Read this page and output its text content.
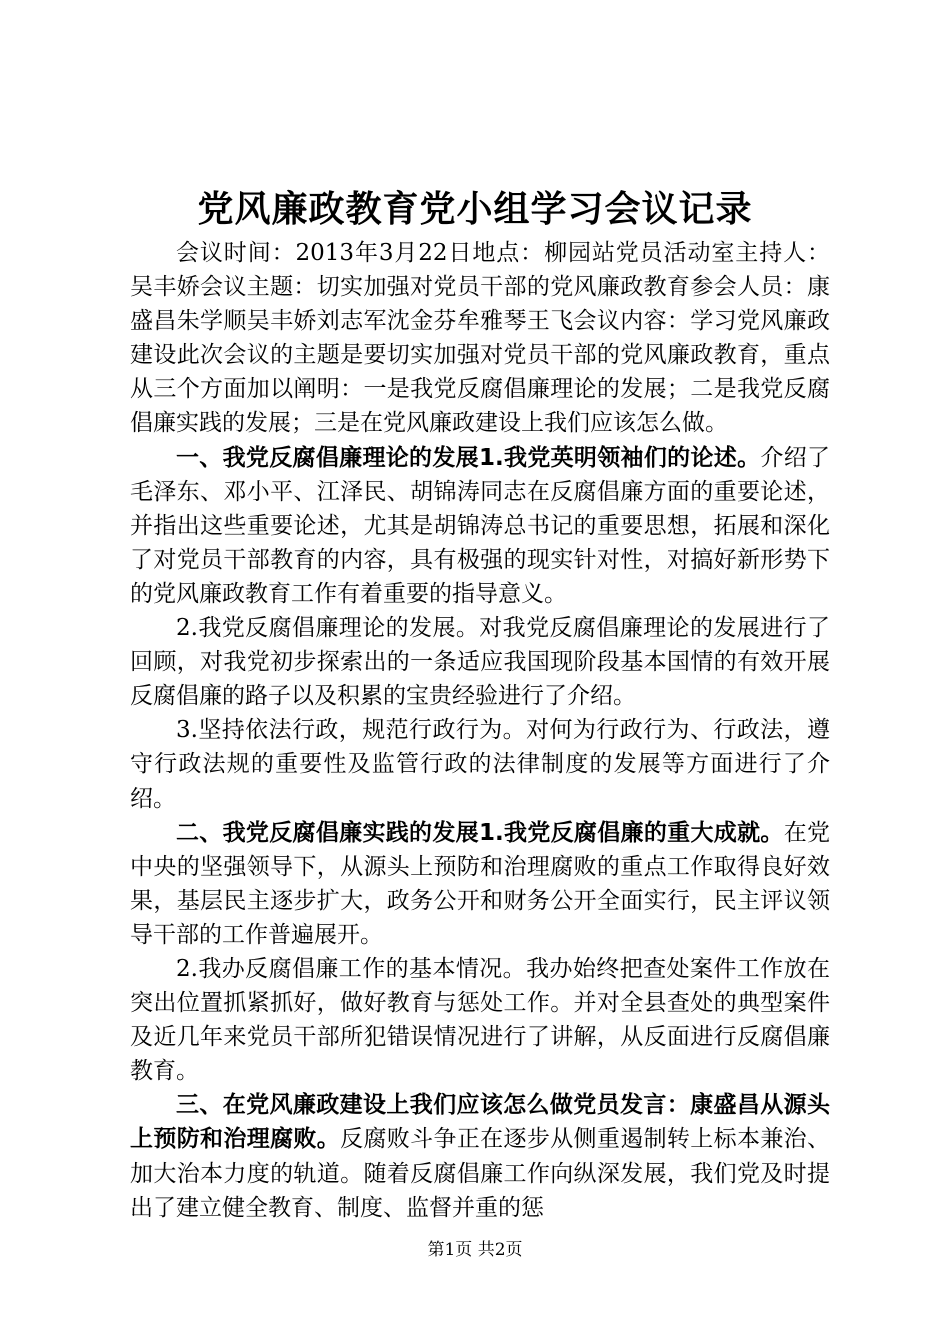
党风廉政教育党小组学习会议记录

会议时间：2013年3月22日地点：柳园站党员活动室主持人：吴丰娇会议主题：切实加强对党员干部的党风廉政教育参会人员：康盛昌朱学顺吴丰娇刘志军沈金芬牟雅琴王飞会议内容：学习党风廉政建设此次会议的主题是要切实加强对党员干部的党风廉政教育，重点从三个方面加以阐明：一是我党反腐倡廉理论的发展；二是我党反腐倡廉实践的发展；三是在党风廉政建设上我们应该怎么做。

一、我党反腐倡廉理论的发展1.我党英明领袖们的论述。介绍了毛泽东、邓小平、江泽民、胡锦涛同志在反腐倡廉方面的重要论述，并指出这些重要论述，尤其是胡锦涛总书记的重要思想，拓展和深化了对党员干部教育的内容，具有极强的现实针对性，对搞好新形势下的党风廉政教育工作有着重要的指导意义。

2.我党反腐倡廉理论的发展。对我党反腐倡廉理论的发展进行了回顾，对我党初步探索出的一条适应我国现阶段基本国情的有效开展反腐倡廉的路子以及积累的宝贵经验进行了介绍。

3.坚持依法行政，规范行政行为。对何为行政行为、行政法，遵守行政法规的重要性及监管行政的法律制度的发展等方面进行了介绍。

二、我党反腐倡廉实践的发展1.我党反腐倡廉的重大成就。在党中央的坚强领导下，从源头上预防和治理腐败的重点工作取得良好效果，基层民主逐步扩大，政务公开和财务公开全面实行，民主评议领导干部的工作普遍展开。

2.我办反腐倡廉工作的基本情况。我办始终把查处案件工作放在突出位置抓紧抓好，做好教育与惩处工作。并对全县查处的典型案件及近几年来党员干部所犯错误情况进行了讲解，从反面进行反腐倡廉教育。

三、在党风廉政建设上我们应该怎么做党员发言：康盛昌从源头上预防和治理腐败。反腐败斗争正在逐步从侧重遏制转上标本兼治、加大治本力度的轨道。随着反腐倡廉工作向纵深发展，我们党及时提出了建立健全教育、制度、监督并重的惩

第1页 共2页
